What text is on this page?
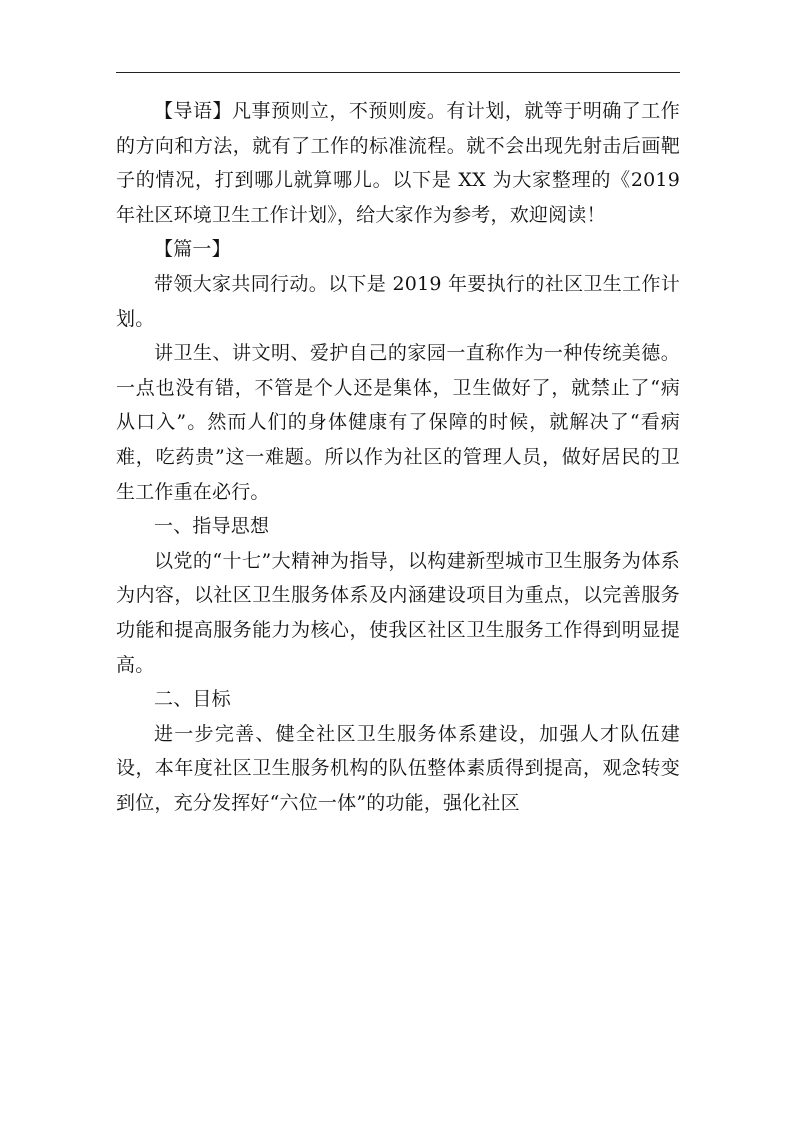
【导语】凡事预则立，不预则废。有计划，就等于明确了工作的方向和方法，就有了工作的标准流程。就不会出现先射击后画靶子的情况，打到哪儿就算哪儿。以下是 XX 为大家整理的《2019 年社区环境卫生工作计划》，给大家作为参考，欢迎阅读！

【篇一】

带领大家共同行动。以下是 2019 年要执行的社区卫生工作计划。

讲卫生、讲文明、爱护自己的家园一直称作为一种传统美德。一点也没有错，不管是个人还是集体，卫生做好了，就禁止了“病从口入”。然而人们的身体健康有了保障的时候，就解决了“看病难，吃药贵”这一难题。所以作为社区的管理人员，做好居民的卫生工作重在必行。

一、指导思想

以党的“十七”大精神为指导，以构建新型城市卫生服务为体系为内容，以社区卫生服务体系及内涵建设项目为重点，以完善服务功能和提高服务能力为核心，使我区社区卫生服务工作得到明显提高。

二、目标

进一步完善、健全社区卫生服务体系建设，加强人才队伍建设，本年度社区卫生服务机构的队伍整体素质得到提高，观念转变到位，充分发挥好“六位一体”的功能，强化社区
